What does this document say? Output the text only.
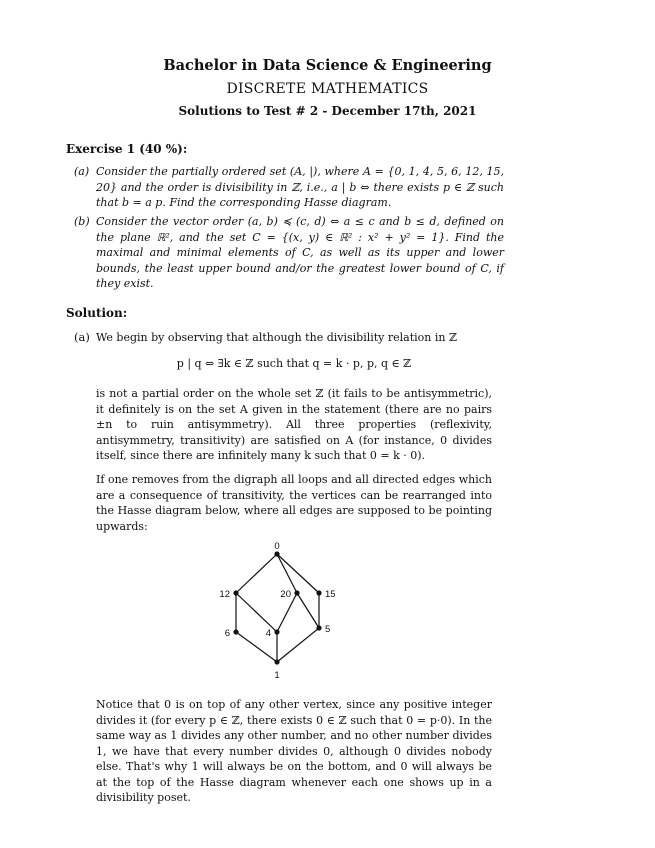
Bachelor in Data Science & Engineering
DISCRETE MATHEMATICS
Solutions to Test # 2 - December 17th, 2021
Exercise 1 (40 %):
(a) Consider the partially ordered set (A, |), where A = {0, 1, 4, 5, 6, 12, 15, 20} and the order is divisibility in ℤ, i.e., a | b ⇔ there exists p ∈ ℤ such that b = a p. Find the corresponding Hasse diagram.
(b) Consider the vector order (a, b) ≼ (c, d) ⇔ a ≤ c and b ≤ d, defined on the plane ℝ², and the set C = {(x, y) ∈ ℝ² : x² + y² = 1}. Find the maximal and minimal elements of C, as well as its upper and lower bounds, the least upper bound and/or the greatest lower bound of C, if they exist.
Solution:
(a) We begin by observing that although the divisibility relation in ℤ
p | q ⇔ ∃k ∈ ℤ such that q = k · p, p, q ∈ ℤ
is not a partial order on the whole set ℤ (it fails to be antisymmetric), it definitely is on the set A given in the statement (there are no pairs ±n to ruin antisymmetry). All three properties (reflexivity, antisymmetry, transitivity) are satisfied on A (for instance, 0 divides itself, since there are infinitely many k such that 0 = k · 0).
If one removes from the digraph all loops and all directed edges which are a consequence of transitivity, the vertices can be rearranged into the Hasse diagram below, where all edges are supposed to be pointing upwards:
0
12	20	15
6	4	5
1
Notice that 0 is on top of any other vertex, since any positive integer divides it (for every p ∈ ℤ, there exists 0 ∈ ℤ such that 0 = p·0). In the same way as 1 divides any other number, and no other number divides 1, we have that every number divides 0, although 0 divides nobody else. That's why 1 will always be on the bottom, and 0 will always be at the top of the Hasse diagram whenever each one shows up in a divisibility poset.
